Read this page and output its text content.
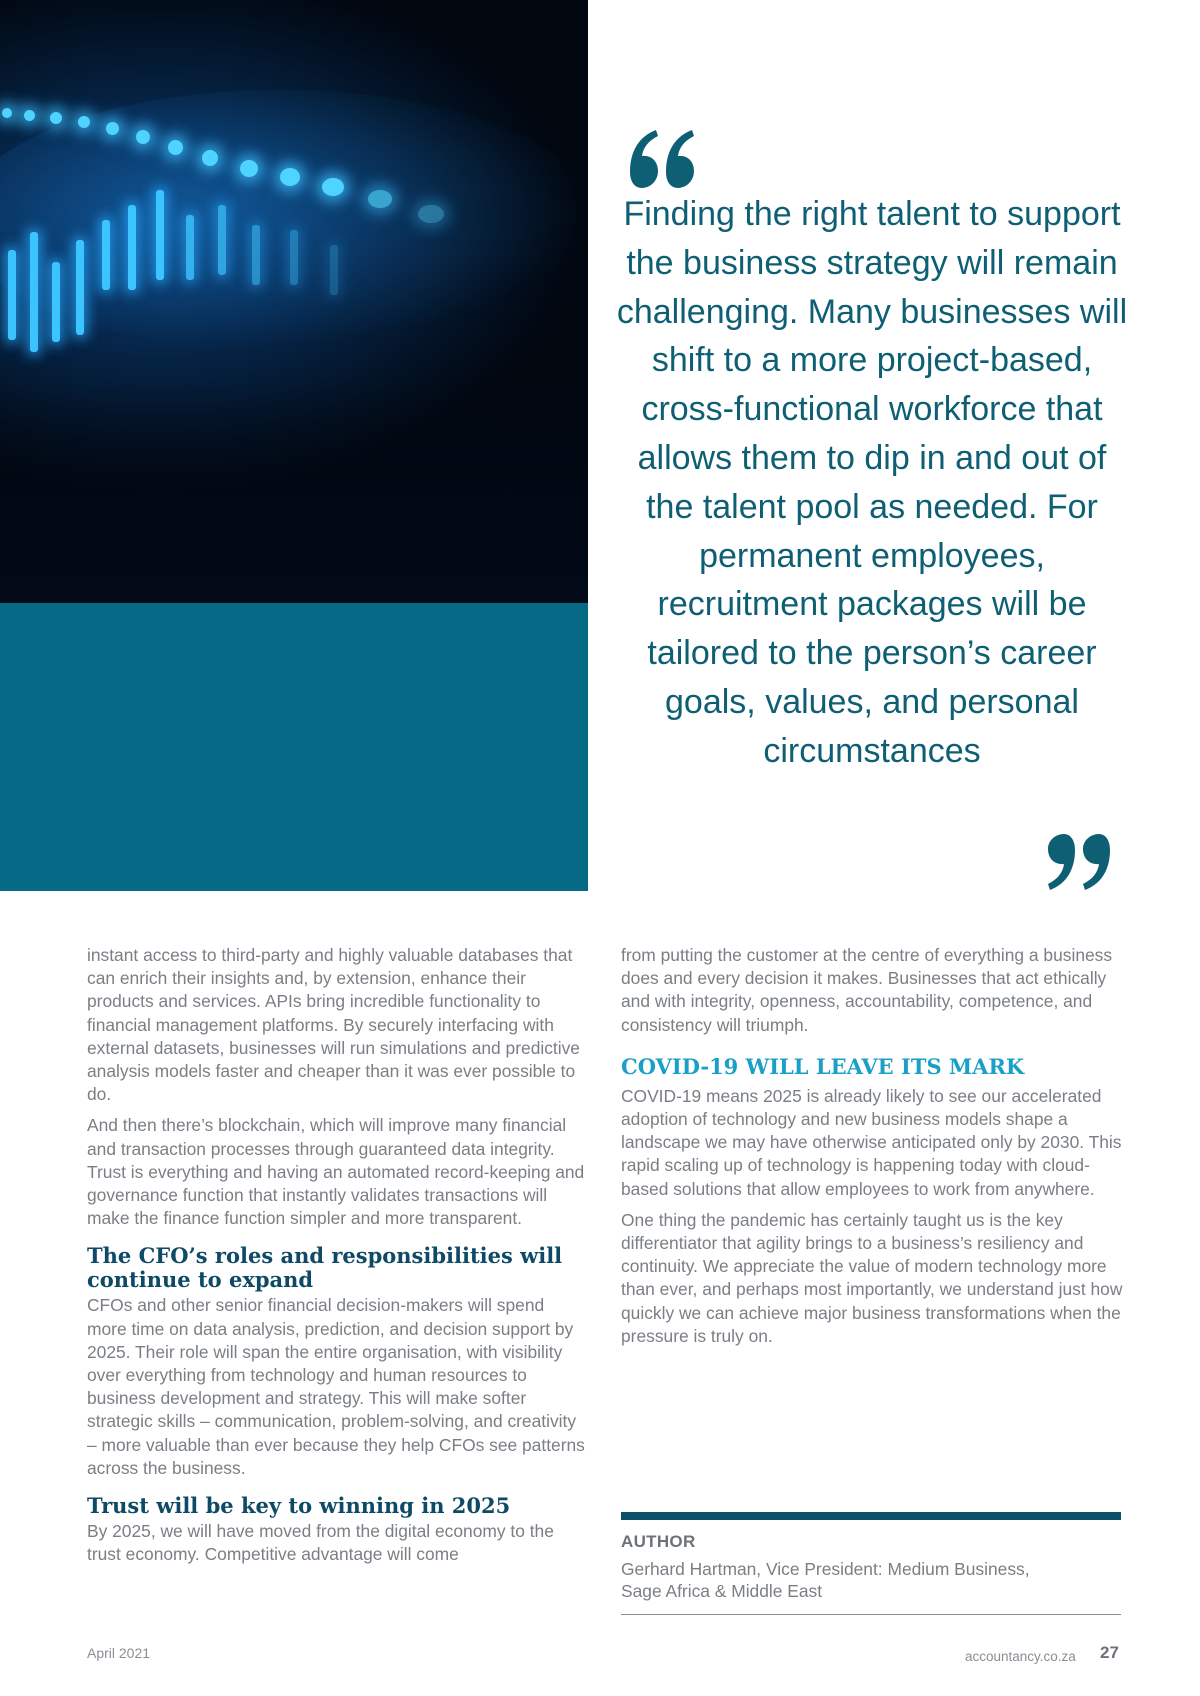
Finding the right talent to support the business strategy will remain challenging. Many businesses will shift to a more project-based, cross-functional workforce that allows them to dip in and out of the talent pool as needed. For permanent employees, recruitment packages will be tailored to the person’s career goals, values, and personal circumstances

instant access to third-party and highly valuable databases that can enrich their insights and, by extension, enhance their products and services. APIs bring incredible functionality to financial management platforms. By securely interfacing with external datasets, businesses will run simulations and predictive analysis models faster and cheaper than it was ever possible to do.

And then there’s blockchain, which will improve many financial and transaction processes through guaranteed data integrity. Trust is everything and having an automated record-keeping and governance function that instantly validates transactions will make the finance function simpler and more transparent.

The CFO’s roles and responsibilities will continue to expand

CFOs and other senior financial decision-makers will spend more time on data analysis, prediction, and decision support by 2025. Their role will span the entire organisation, with visibility over everything from technology and human resources to business development and strategy. This will make softer strategic skills – communication, problem-solving, and creativity – more valuable than ever because they help CFOs see patterns across the business.

Trust will be key to winning in 2025

By 2025, we will have moved from the digital economy to the trust economy. Competitive advantage will come

from putting the customer at the centre of everything a business does and every decision it makes. Businesses that act ethically and with integrity, openness, accountability, competence, and consistency will triumph.

COVID-19 WILL LEAVE ITS MARK

COVID-19 means 2025 is already likely to see our accelerated adoption of technology and new business models shape a landscape we may have otherwise anticipated only by 2030. This rapid scaling up of technology is happening today with cloud-based solutions that allow employees to work from anywhere.

One thing the pandemic has certainly taught us is the key differentiator that agility brings to a business’s resiliency and continuity. We appreciate the value of modern technology more than ever, and perhaps most importantly, we understand just how quickly we can achieve major business transformations when the pressure is truly on.

AUTHOR
Gerhard Hartman, Vice President: Medium Business,
Sage Africa & Middle East
April 2021	accountancy.co.za 27
